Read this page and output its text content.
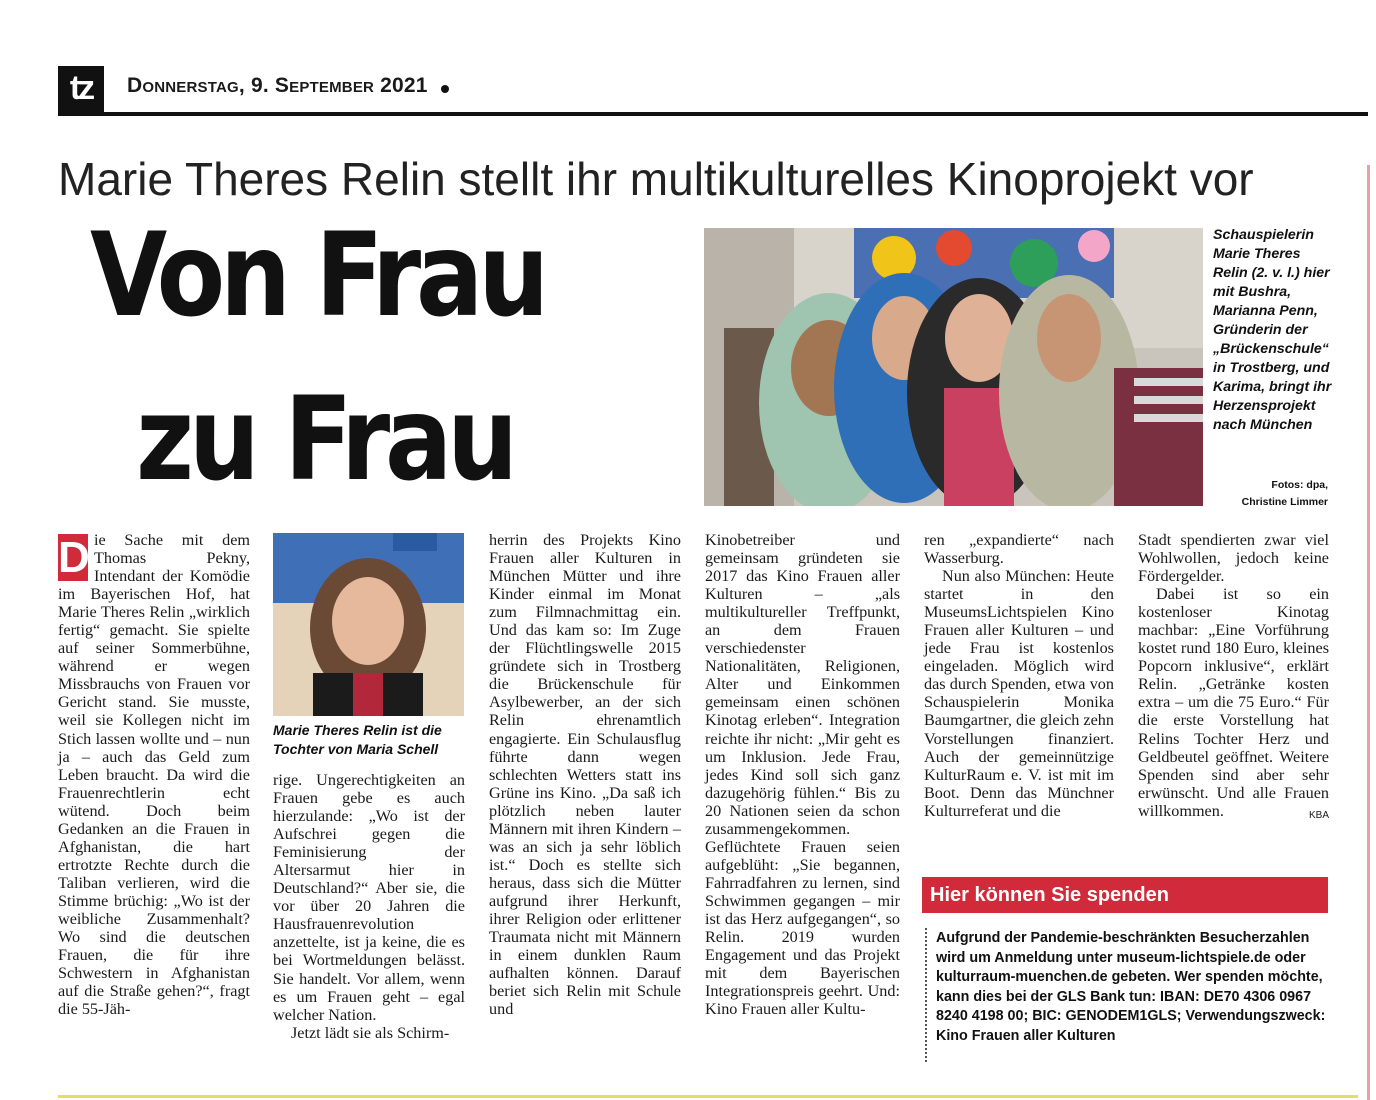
tz	Donnerstag, 9. September 2021
Marie Theres Relin stellt ihr multikulturelles Kinoprojekt vor
Von Frau
zu Frau
Schauspielerin Marie Theres Relin (2. v. l.) hier mit Bushra, Marianna Penn, Gründerin der „Brückenschule“ in Trostberg, und Karima, bringt ihr Herzensprojekt nach München
Fotos: dpa,
Christine Limmer
Marie Theres Relin ist die Tochter von Maria Schell

D ie Sache mit dem Thomas Pekny, Intendant der Komödie im Bayerischen Hof, hat Marie Theres Relin „wirklich fertig“ gemacht. Sie spielte auf seiner Sommerbühne, während er wegen Missbrauchs von Frauen vor Gericht stand. Sie musste, weil sie Kollegen nicht im Stich lassen wollte und – nun ja – auch das Geld zum Leben braucht. Da wird die Frauenrechtlerin echt wütend. Doch beim Gedanken an die Frauen in Afghanistan, die hart ertrotzte Rechte durch die Taliban verlieren, wird die Stimme brüchig: „Wo ist der weibliche Zusammenhalt? Wo sind die deutschen Frauen, die für ihre Schwestern in Afghanistan auf die Straße gehen?“, fragt die 55-Jäh-

rige. Ungerechtigkeiten an Frauen gebe es auch hierzulande: „Wo ist der Aufschrei gegen die Feminisierung der Altersarmut hier in Deutschland?“ Aber sie, die vor über 20 Jahren die Hausfrauenrevolution anzettelte, ist ja keine, die es bei Wortmeldungen belässt. Sie handelt. Vor allem, wenn es um Frauen geht – egal welcher Nation.

Jetzt lädt sie als Schirm-

herrin des Projekts Kino Frauen aller Kulturen in München Mütter und ihre Kinder einmal im Monat zum Filmnachmittag ein. Und das kam so: Im Zuge der Flüchtlingswelle 2015 gründete sich in Trostberg die Brückenschule für Asylbewerber, an der sich Relin ehrenamtlich engagierte. Ein Schulausflug führte dann wegen schlechten Wetters statt ins Grüne ins Kino. „Da saß ich plötzlich neben lauter Männern mit ihren Kindern – was an sich ja sehr löblich ist.“ Doch es stellte sich heraus, dass sich die Mütter aufgrund ihrer Herkunft, ihrer Religion oder erlittener Traumata nicht mit Männern in einem dunklen Raum aufhalten können. Darauf beriet sich Relin mit Schule und

Kinobetreiber und gemeinsam gründeten sie 2017 das Kino Frauen aller Kulturen – „als multikultureller Treffpunkt, an dem Frauen verschiedenster Nationalitäten, Religionen, Alter und Einkommen gemeinsam einen schönen Kinotag erleben“. Integration reichte ihr nicht: „Mir geht es um Inklusion. Jede Frau, jedes Kind soll sich ganz dazugehörig fühlen.“ Bis zu 20 Nationen seien da schon zusammengekommen.

Geflüchtete Frauen seien aufgeblüht: „Sie begannen, Fahrradfahren zu lernen, sind Schwimmen gegangen – mir ist das Herz aufgegangen“, so Relin. 2019 wurden Engagement und das Projekt mit dem Bayerischen Integrationspreis geehrt. Und: Kino Frauen aller Kultu-

ren „expandierte“ nach Wasserburg.

Nun also München: Heute startet in den MuseumsLichtspielen Kino Frauen aller Kulturen – und jede Frau ist kostenlos eingeladen. Möglich wird das durch Spenden, etwa von Schauspielerin Monika Baumgartner, die gleich zehn Vorstellungen finanziert. Auch der gemeinnützige KulturRaum e. V. ist mit im Boot. Denn das Münchner Kulturreferat und die

Stadt spendierten zwar viel Wohlwollen, jedoch keine Fördergelder.

Dabei ist so ein kostenloser Kinotag machbar: „Eine Vorführung kostet rund 180 Euro, kleines Popcorn inklusive“, erklärt Relin. „Getränke kosten extra – um die 75 Euro.“ Für die erste Vorstellung hat Relins Tochter Herz und Geldbeutel geöffnet. Weitere Spenden sind aber sehr erwünscht. Und alle Frauen willkommen.	KBA

Hier können Sie spenden
Aufgrund der Pandemie-beschränkten Besucherzahlen wird um Anmeldung unter museum-lichtspiele.de oder kulturraum-muenchen.de gebeten. Wer spenden möchte, kann dies bei der GLS Bank tun: IBAN: DE70 4306 0967 8240 4198 00; BIC: GENODEM1GLS; Verwendungszweck: Kino Frauen aller Kulturen
